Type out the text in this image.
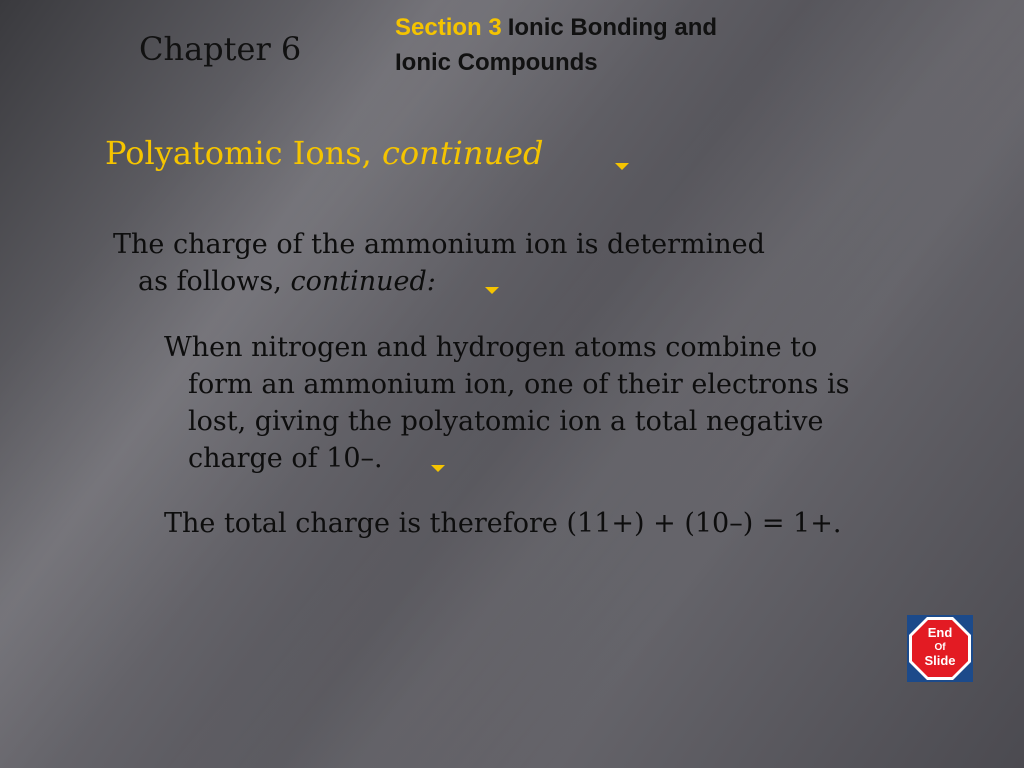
Chapter 6
Section 3 Ionic Bonding and
Ionic Compounds
Polyatomic Ions, continued
The charge of the ammonium ion is determined
as follows, continued:
When nitrogen and hydrogen atoms combine to
form an ammonium ion, one of their electrons is
lost, giving the polyatomic ion a total negative
charge of 10–.
The total charge is therefore (11+) + (10–) = 1+.
End
Of
Slide
